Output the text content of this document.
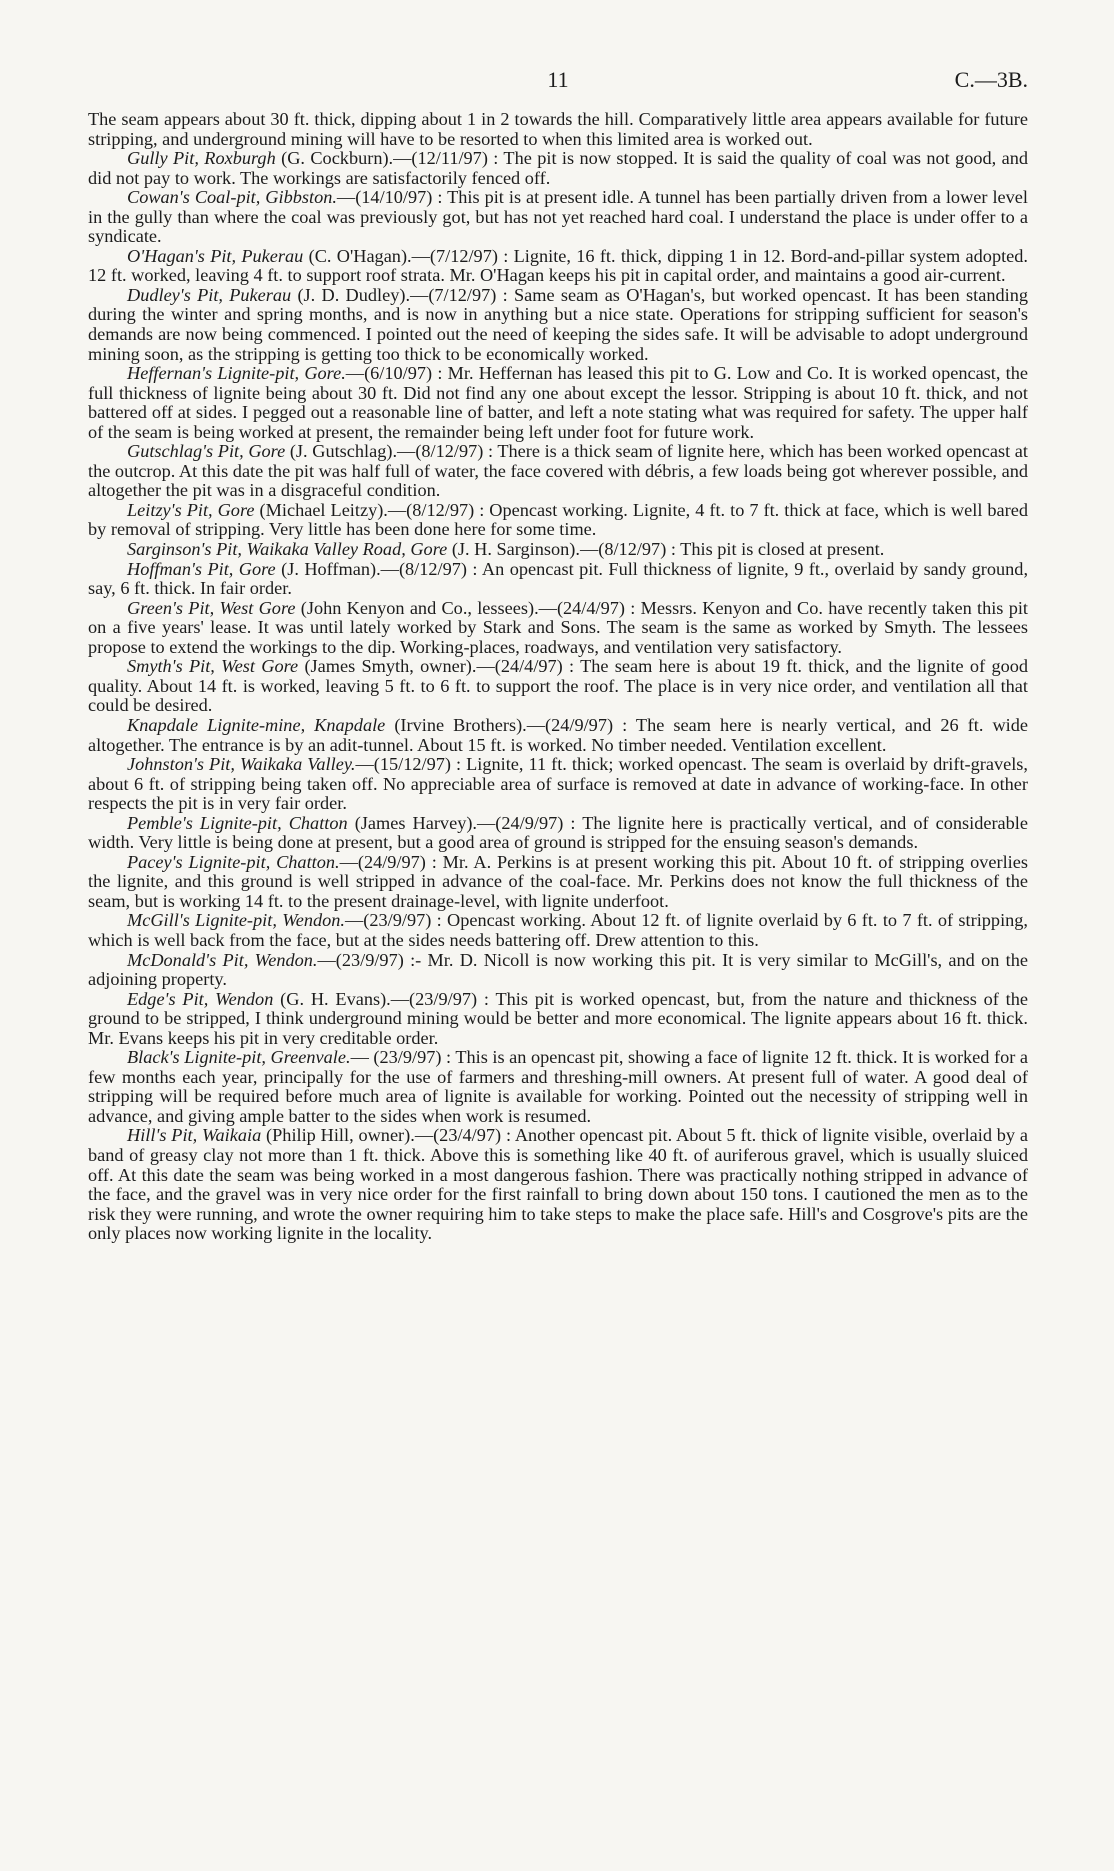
11	C.—3B.

The seam appears about 30 ft. thick, dipping about 1 in 2 towards the hill. Comparatively little area appears available for future stripping, and underground mining will have to be resorted to when this limited area is worked out.

Gully Pit, Roxburgh (G. Cockburn).—(12/11/97) : The pit is now stopped. It is said the quality of coal was not good, and did not pay to work. The workings are satisfactorily fenced off.

Cowan's Coal-pit, Gibbston.—(14/10/97) : This pit is at present idle. A tunnel has been partially driven from a lower level in the gully than where the coal was previously got, but has not yet reached hard coal. I understand the place is under offer to a syndicate.

O'Hagan's Pit, Pukerau (C. O'Hagan).—(7/12/97) : Lignite, 16 ft. thick, dipping 1 in 12. Bord-and-pillar system adopted. 12 ft. worked, leaving 4 ft. to support roof strata. Mr. O'Hagan keeps his pit in capital order, and maintains a good air-current.

Dudley's Pit, Pukerau (J. D. Dudley).—(7/12/97) : Same seam as O'Hagan's, but worked opencast. It has been standing during the winter and spring months, and is now in anything but a nice state. Operations for stripping sufficient for season's demands are now being commenced. I pointed out the need of keeping the sides safe. It will be advisable to adopt underground mining soon, as the stripping is getting too thick to be economically worked.

Heffernan's Lignite-pit, Gore.—(6/10/97) : Mr. Heffernan has leased this pit to G. Low and Co. It is worked opencast, the full thickness of lignite being about 30 ft. Did not find any one about except the lessor. Stripping is about 10 ft. thick, and not battered off at sides. I pegged out a reasonable line of batter, and left a note stating what was required for safety. The upper half of the seam is being worked at present, the remainder being left under foot for future work.

Gutschlag's Pit, Gore (J. Gutschlag).—(8/12/97) : There is a thick seam of lignite here, which has been worked opencast at the outcrop. At this date the pit was half full of water, the face covered with débris, a few loads being got wherever possible, and altogether the pit was in a disgraceful condition.

Leitzy's Pit, Gore (Michael Leitzy).—(8/12/97) : Opencast working. Lignite, 4 ft. to 7 ft. thick at face, which is well bared by removal of stripping. Very little has been done here for some time.

Sarginson's Pit, Waikaka Valley Road, Gore (J. H. Sarginson).—(8/12/97) : This pit is closed at present.

Hoffman's Pit, Gore (J. Hoffman).—(8/12/97) : An opencast pit. Full thickness of lignite, 9 ft., overlaid by sandy ground, say, 6 ft. thick. In fair order.

Green's Pit, West Gore (John Kenyon and Co., lessees).—(24/4/97) : Messrs. Kenyon and Co. have recently taken this pit on a five years' lease. It was until lately worked by Stark and Sons. The seam is the same as worked by Smyth. The lessees propose to extend the workings to the dip. Working-places, roadways, and ventilation very satisfactory.

Smyth's Pit, West Gore (James Smyth, owner).—(24/4/97) : The seam here is about 19 ft. thick, and the lignite of good quality. About 14 ft. is worked, leaving 5 ft. to 6 ft. to support the roof. The place is in very nice order, and ventilation all that could be desired.

Knapdale Lignite-mine, Knapdale (Irvine Brothers).—(24/9/97) : The seam here is nearly vertical, and 26 ft. wide altogether. The entrance is by an adit-tunnel. About 15 ft. is worked. No timber needed. Ventilation excellent.

Johnston's Pit, Waikaka Valley.—(15/12/97) : Lignite, 11 ft. thick; worked opencast. The seam is overlaid by drift-gravels, about 6 ft. of stripping being taken off. No appreciable area of surface is removed at date in advance of working-face. In other respects the pit is in very fair order.

Pemble's Lignite-pit, Chatton (James Harvey).—(24/9/97) : The lignite here is practically vertical, and of considerable width. Very little is being done at present, but a good area of ground is stripped for the ensuing season's demands.

Pacey's Lignite-pit, Chatton.—(24/9/97) : Mr. A. Perkins is at present working this pit. About 10 ft. of stripping overlies the lignite, and this ground is well stripped in advance of the coal-face. Mr. Perkins does not know the full thickness of the seam, but is working 14 ft. to the present drainage-level, with lignite underfoot.

McGill's Lignite-pit, Wendon.—(23/9/97) : Opencast working. About 12 ft. of lignite overlaid by 6 ft. to 7 ft. of stripping, which is well back from the face, but at the sides needs battering off. Drew attention to this.

McDonald's Pit, Wendon.—(23/9/97) :- Mr. D. Nicoll is now working this pit. It is very similar to McGill's, and on the adjoining property.

Edge's Pit, Wendon (G. H. Evans).—(23/9/97) : This pit is worked opencast, but, from the nature and thickness of the ground to be stripped, I think underground mining would be better and more economical. The lignite appears about 16 ft. thick. Mr. Evans keeps his pit in very creditable order.

Black's Lignite-pit, Greenvale.— (23/9/97) : This is an opencast pit, showing a face of lignite 12 ft. thick. It is worked for a few months each year, principally for the use of farmers and threshing-mill owners. At present full of water. A good deal of stripping will be required before much area of lignite is available for working. Pointed out the necessity of stripping well in advance, and giving ample batter to the sides when work is resumed.

Hill's Pit, Waikaia (Philip Hill, owner).—(23/4/97) : Another opencast pit. About 5 ft. thick of lignite visible, overlaid by a band of greasy clay not more than 1 ft. thick. Above this is something like 40 ft. of auriferous gravel, which is usually sluiced off. At this date the seam was being worked in a most dangerous fashion. There was practically nothing stripped in advance of the face, and the gravel was in very nice order for the first rainfall to bring down about 150 tons. I cautioned the men as to the risk they were running, and wrote the owner requiring him to take steps to make the place safe. Hill's and Cosgrove's pits are the only places now working lignite in the locality.
